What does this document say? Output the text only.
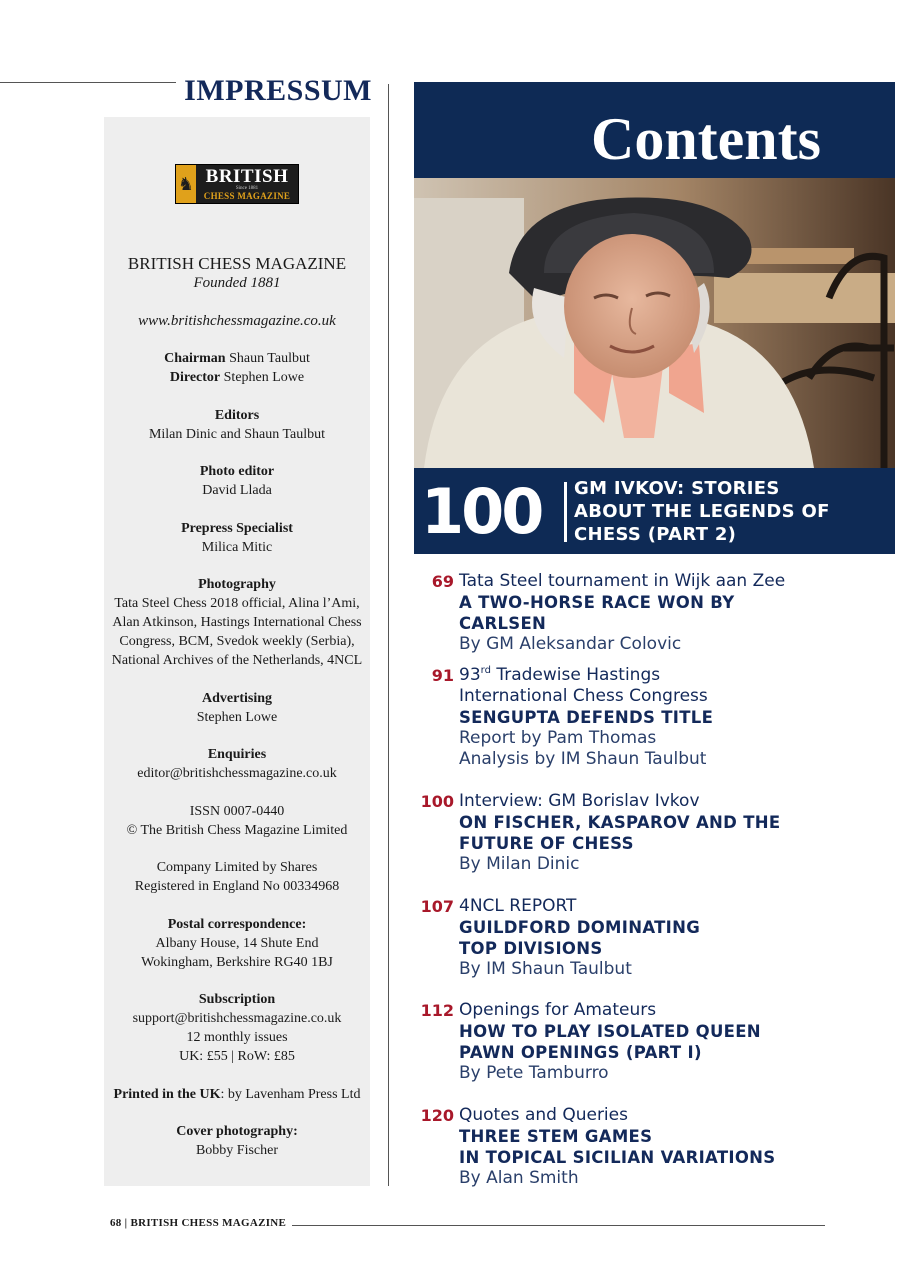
IMPRESSUM
♞ BRITISH
Since 1881
CHESS MAGAZINE
BRITISH CHESS MAGAZINE
Founded 1881
www.britishchessmagazine.co.uk
Chairman Shaun Taulbut
Director Stephen Lowe
Editors
Milan Dinic and Shaun Taulbut
Photo editor
David Llada
Prepress Specialist
Milica Mitic
Photography
Tata Steel Chess 2018 official, Alina l’Ami,
Alan Atkinson, Hastings International Chess
Congress, BCM, Svedok weekly (Serbia),
National Archives of the Netherlands, 4NCL
Advertising
Stephen Lowe
Enquiries
editor@britishchessmagazine.co.uk
ISSN 0007-0440
© The British Chess Magazine Limited
Company Limited by Shares
Registered in England No 00334968
Postal correspondence:
Albany House, 14 Shute End
Wokingham, Berkshire RG40 1BJ
Subscription
support@britishchessmagazine.co.uk
12 monthly issues
UK: £55 | RoW: £85
Printed in the UK: by Lavenham Press Ltd
Cover photography:
Bobby Fischer
Contents
100 GM IVKOV: STORIES
ABOUT THE LEGENDS OF
CHESS (PART 2)
69 Tata Steel tournament in Wijk aan Zee
A TWO-HORSE RACE WON BY
CARLSEN
By GM Aleksandar Colovic
91 93rd Tradewise Hastings
International Chess Congress
SENGUPTA DEFENDS TITLE
Report by Pam Thomas
Analysis by IM Shaun Taulbut
100 Interview: GM Borislav Ivkov
ON FISCHER, KASPAROV AND THE
FUTURE OF CHESS
By Milan Dinic
107 4NCL REPORT
GUILDFORD DOMINATING
TOP DIVISIONS
By IM Shaun Taulbut
112 Openings for Amateurs
HOW TO PLAY ISOLATED QUEEN
PAWN OPENINGS (PART I)
By Pete Tamburro
120 Quotes and Queries
THREE STEM GAMES
IN TOPICAL SICILIAN VARIATIONS
By Alan Smith
68 | BRITISH CHESS MAGAZINE
